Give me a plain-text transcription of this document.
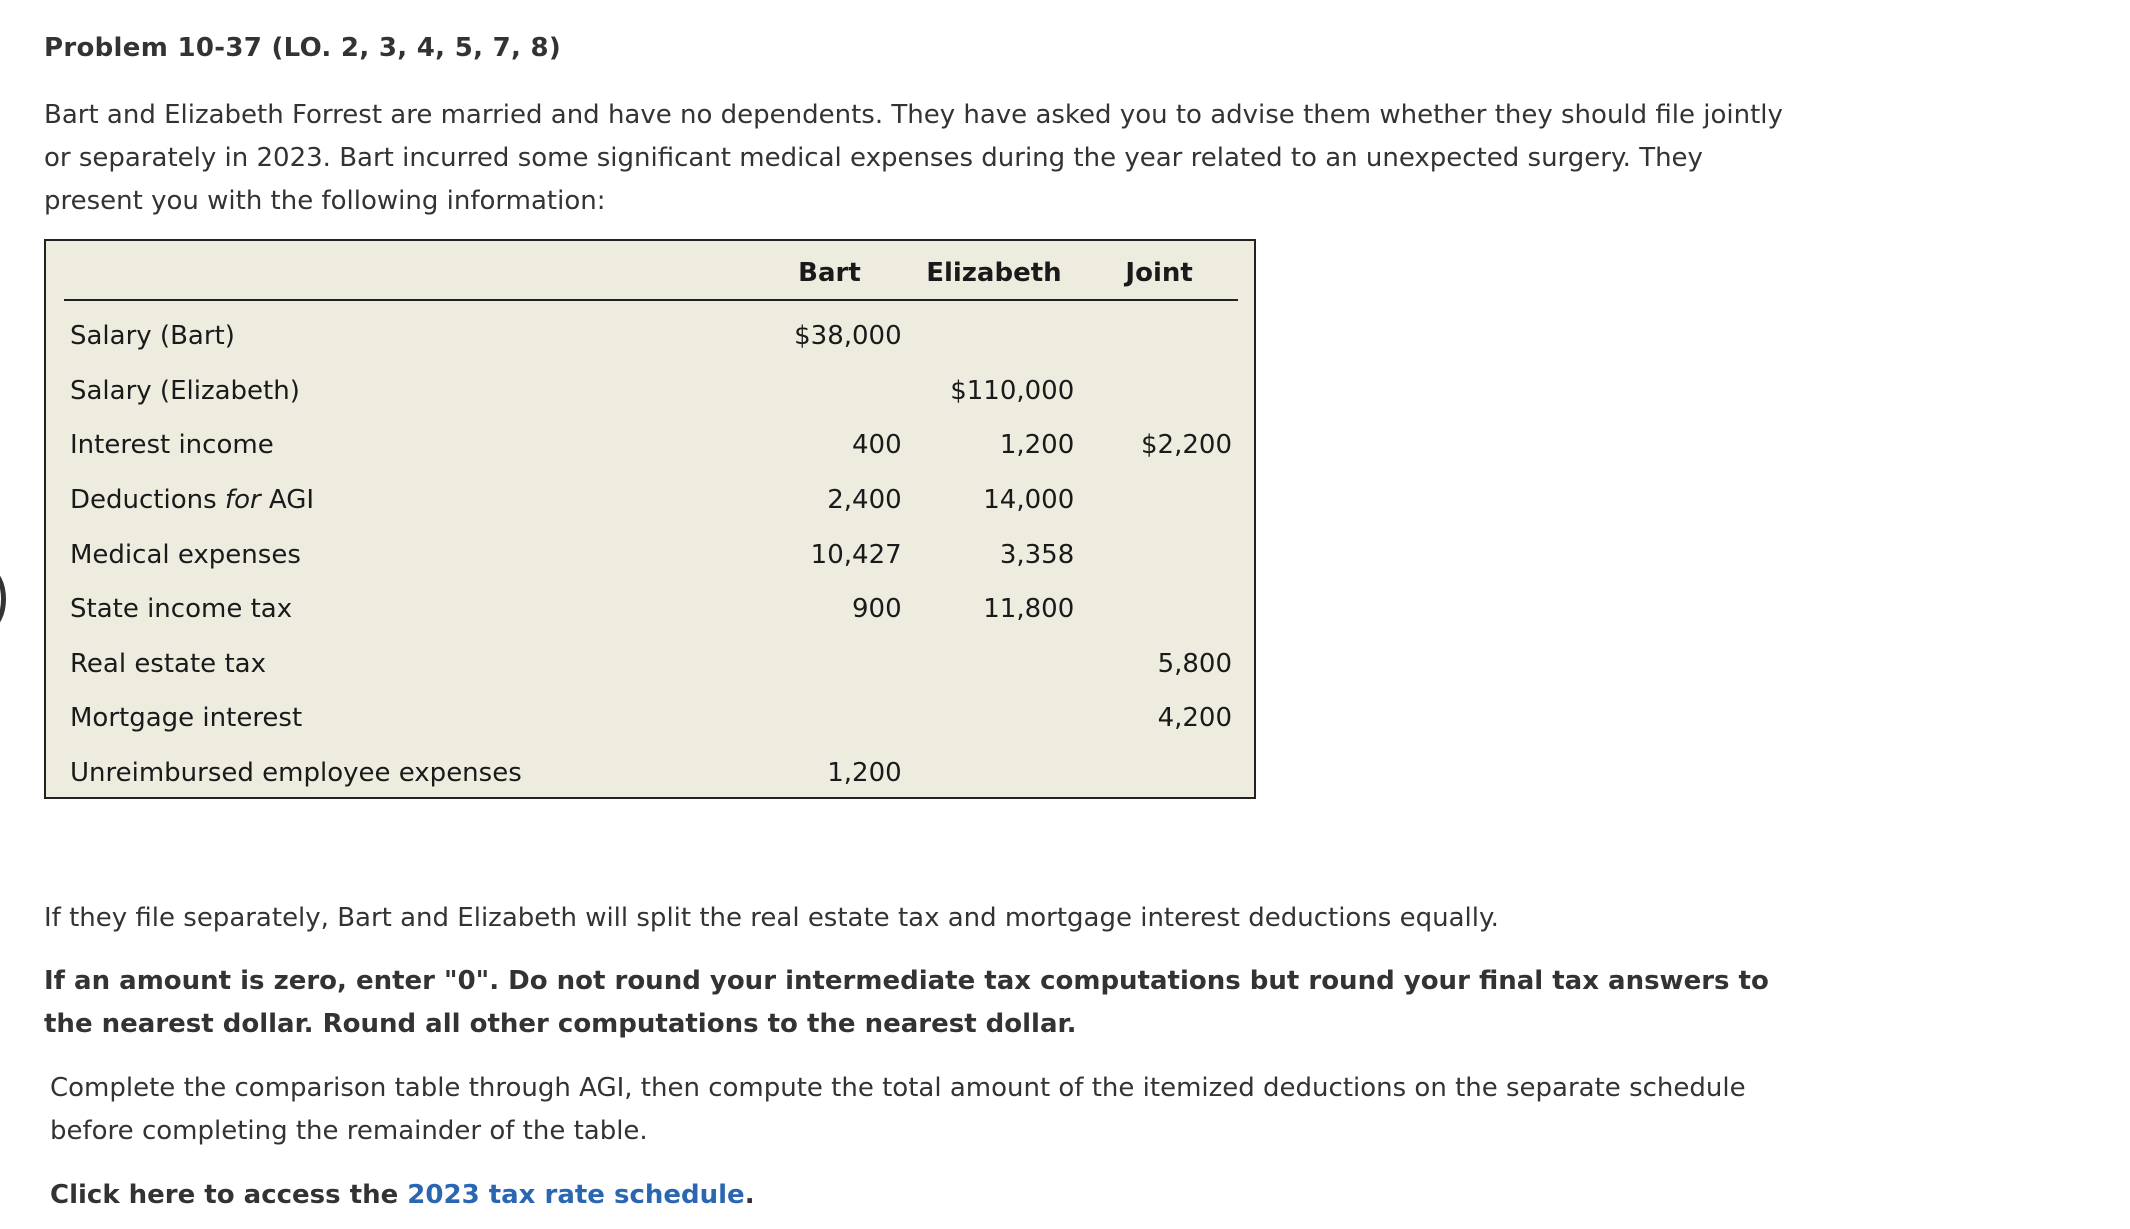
Problem 10-37 (LO. 2, 3, 4, 5, 7, 8)

Bart and Elizabeth Forrest are married and have no dependents. They have asked you to advise them whether they should file jointly or separately in 2023. Bart incurred some significant medical expenses during the year related to an unexpected surgery. They present you with the following information:

	Bart	Elizabeth	Joint
Salary (Bart)	$38,000		
Salary (Elizabeth)		$110,000	
Interest income	400	1,200	$2,200
Deductions for AGI	2,400	14,000	
Medical expenses	10,427	3,358	
State income tax	900	11,800	
Real estate tax			5,800
Mortgage interest			4,200
Unreimbursed employee expenses	1,200		

If they file separately, Bart and Elizabeth will split the real estate tax and mortgage interest deductions equally.

If an amount is zero, enter "0". Do not round your intermediate tax computations but round your final tax answers to the nearest dollar. Round all other computations to the nearest dollar.

Complete the comparison table through AGI, then compute the total amount of the itemized deductions on the separate schedule before completing the remainder of the table.

Click here to access the 2023 tax rate schedule.
